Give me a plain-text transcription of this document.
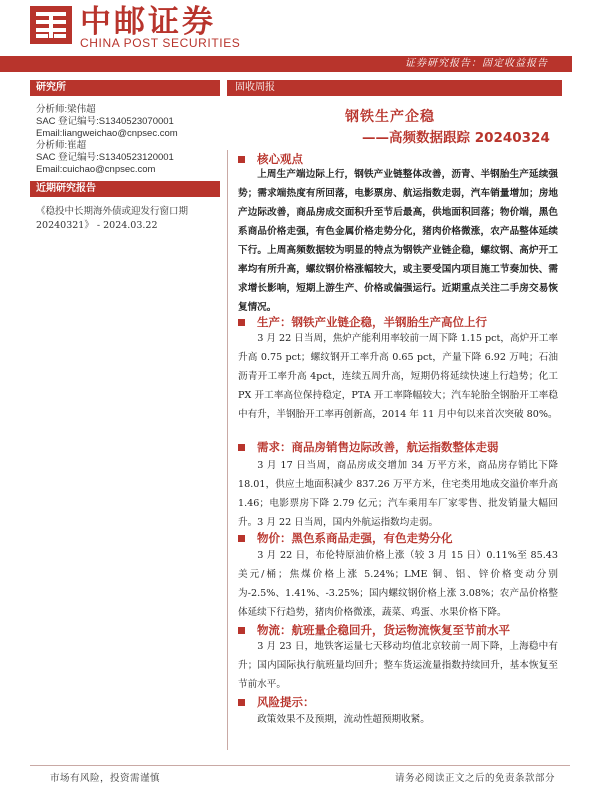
中邮证券
CHINA POST SECURITIES
证券研究报告：固定收益报告
研究所
分析师:梁伟超
SAC 登记编号:S1340523070001
Email:liangweichao@cnpsec.com
分析师:崔超
SAC 登记编号:S1340523120001
Email:cuichao@cnpsec.com
近期研究报告
《稳投中长期海外债或迎发行窗口期 20240321》 - 2024.03.22
固收周报
钢铁生产企稳
——高频数据跟踪 20240324
核心观点
上周生产端边际上行，钢铁产业链整体改善，沥青、半钢胎生产延续强势；需求端热度有所回落，电影票房、航运指数走弱，汽车销量增加；房地产边际改善，商品房成交面积升至节后最高，供地面积回落；物价端，黑色系商品价格走强，有色金属价格走势分化，猪肉价格微涨，农产品整体延续下行。上周高频数据较为明显的特点为钢铁产业链企稳，螺纹钢、高炉开工率均有所升高，螺纹钢价格涨幅较大，或主要受国内项目施工节奏加快、需求增长影响，短期上游生产、价格或偏强运行。近期重点关注二手房交易恢复情况。
生产：钢铁产业链企稳，半钢胎生产高位上行
3 月 22 日当周，焦炉产能利用率较前一周下降 1.15 pct，高炉开工率升高 0.75 pct；螺纹钢开工率升高 0.65 pct，产量下降 6.92 万吨；石油沥青开工率升高 4pct，连续五周升高，短期仍将延续快速上行趋势；化工 PX 开工率高位保持稳定，PTA 开工率降幅较大；汽车轮胎全钢胎开工率稳中有升，半钢胎开工率再创新高，2014 年 11 月中旬以来首次突破 80%。
需求：商品房销售边际改善，航运指数整体走弱
3 月 17 日当周，商品房成交增加 34 万平方米，商品房存销比下降 18.01，供应土地面积减少 837.26 万平方米，住宅类用地成交溢价率升高 1.46；电影票房下降 2.79 亿元；汽车乘用车厂家零售、批发销量大幅回升。3 月 22 日当周，国内外航运指数均走弱。
物价：黑色系商品走强，有色走势分化
3 月 22 日，布伦特原油价格上涨（较 3 月 15 日）0.11%至 85.43 美元/桶；焦煤价格上涨 5.24%；LME 铜、铝、锌价格变动分别为-2.5%、1.41%、-3.25%；国内螺纹钢价格上涨 3.08%；农产品价格整体延续下行趋势，猪肉价格微涨，蔬菜、鸡蛋、水果价格下降。
物流：航班量企稳回升，货运物流恢复至节前水平
3 月 23 日，地铁客运量七天移动均值北京较前一周下降，上海稳中有升；国内国际执行航班量均回升；整车货运流量指数持续回升，基本恢复至节前水平。
风险提示：
政策效果不及预期，流动性超预期收紧。
市场有风险，投资需谨慎	请务必阅读正文之后的免责条款部分
